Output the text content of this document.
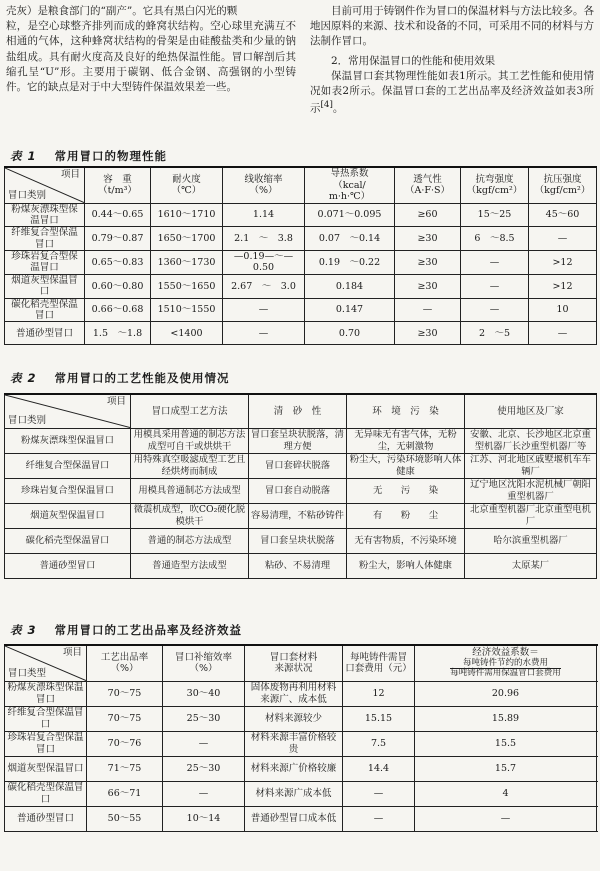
壳灰）是粮食部门的“副产”。它具有黑白闪光的颗

粒，是空心球整齐排列而成的蜂窝状结构。空心球里充满互不相通的气体，这种蜂窝状结构的骨架是由硅酸盐类和少量的钠盐组成。具有耐火度高及良好的绝热保温性能。冒口解剖后其缩孔呈“U”形。主要用于碳钢、低合金钢、高强钢的小型铸件。它的缺点是对于中大型铸件保温效果差一些。

目前可用于铸钢件作为冒口的保温材料与方法比较多。各地因原料的来源、技术和设备的不同，可采用不同的材料与方法制作冒口。

2．常用保温冒口的性能和使用效果

保温冒口套其物理性能如表1所示。其工艺性能和使用情况如表2所示。保温冒口套的工艺出品率及经济效益如表3所示[4]。

表 1 常用冒口的物理性能
项目
冒口类别	容　重
（t/m³）	耐火度
（℃）	线收缩率
（%）	导热系数
（kcal/
m·h·℃）	透气性
（A·F·S）	抗弯强度
（kgf/cm²）	抗压强度
（kgf/cm²）
粉煤灰漂珠型保温冒口	0.44～0.65	1610～1710	1.14	0.071～0.095	≥60	15～25	45～60
纤维复合型保温冒口	0.79～0.87	1650～1700	2.1　～　3.8	0.07　～0.14	≥30	6　～8.5	—
珍珠岩复合型保温冒口	0.65～0.83	1360～1730	—0.19—～—0.50	0.19　～0.22	≥30	—	>12
烟道灰型保温冒口	0.60～0.80	1550～1650	2.67　～　3.0	0.184	≥30	—	>12
碳化稻壳型保温冒口	0.66～0.68	1510～1550	—	0.147	—	—	10
普通砂型冒口	1.5　～1.8	<1400	—	0.70	≥30	2　～5	—
表 2 常用冒口的工艺性能及使用情况
项目
冒口类别	冒口成型工艺方法	清　砂　性	环　境　污　染	使用地区及厂家
粉煤灰漂珠型保温冒口	用模具采用普通的制芯方法成型可自干或烘烘干	冒口套呈块状脱落，清理方便	无异味无有害气体，无粉尘，无刺激物	安徽、北京、长沙地区北京重型机器厂长沙重型机器厂等
纤维复合型保温冒口	用特殊真空吸滤成型工艺且经烘烤而制成	冒口套碎状脱落	粉尘大，污染环境影响人体健康	江苏、河北地区戚墅堰机车车辆厂
珍珠岩复合型保温冒口	用模具普通制芯方法成型	冒口套自动脱落	无　　污　　染	辽宁地区沈阳水泥机械厂朝阳重型机器厂
烟道灰型保温冒口	微震机成型，吹CO₂硬化脱模烘干	容易清理，不粘砂铸件	有　　粉　　尘	北京重型机器厂北京重型电机厂
碳化稻壳型保温冒口	普通的制芯方法成型	冒口套呈块状脱落	无有害物质，不污染环境	哈尔滨重型机器厂
普通砂型冒口	普通造型方法成型	粘砂、不易清理	粉尘大，影响人体健康	太原某厂
表 3 常用冒口的工艺出品率及经济效益
项目
冒口类型	工艺出品率
（%）	冒口补缩效率
（%）	冒口套材料
来源状况	每吨铸件需冒
口套费用（元）	经济效益系数＝
$\frac{\text{每吨铸件节约的水费用}}{\text{每吨铸件需用保温冒口套费用}}$
粉煤灰漂珠型保温冒口	70～75	30～40	固体废物再利用材料来源广、成本低	12	20.96
纤维复合型保温冒口	70～75	25～30	材料来源较少	15.15	15.89
珍珠岩复合型保温冒口	70～76	—	材料来源丰富价格较贵	7.5	15.5
烟道灰型保温冒口	71～75	25～30	材料来源广价格较廉	14.4	15.7
碳化稻壳型保温冒口	66～71	—	材料来源广成本低	—	4
普通砂型冒口	50～55	10～14	普通砂型冒口成本低	—	—
